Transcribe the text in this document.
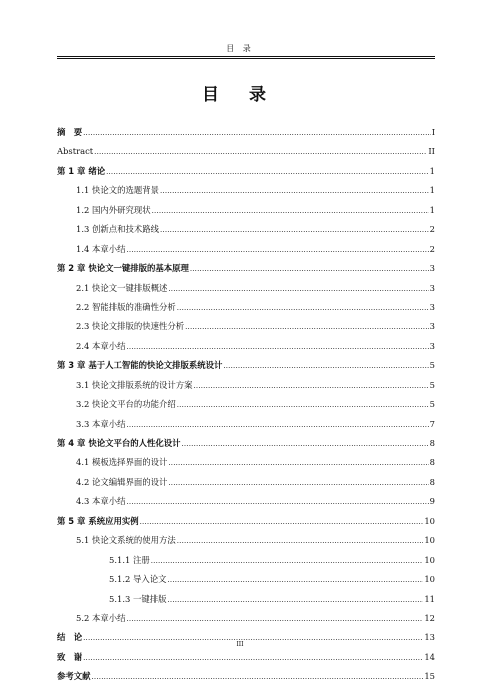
目 录
目 录
摘　要 .....	I
Abstract .....	II
第 1 章 绪论 .....	1
1.1 快论文的选题背景 .....	1
1.2 国内外研究现状 .....	1
1.3 创新点和技术路线 .....	2
1.4 本章小结 .....	2
第 2 章 快论文一键排版的基本原理 .....	3
2.1 快论文一键排版概述 .....	3
2.2 智能排版的准确性分析 .....	3
2.3 快论文排版的快速性分析 .....	3
2.4 本章小结 .....	3
第 3 章 基于人工智能的快论文排版系统设计 .....	5
3.1 快论文排版系统的设计方案 .....	5
3.2 快论文平台的功能介绍 .....	5
3.3 本章小结 .....	7
第 4 章 快论文平台的人性化设计 .....	8
4.1 模板选择界面的设计 .....	8
4.2 论文编辑界面的设计 .....	8
4.3 本章小结 .....	9
第 5 章 系统应用实例 .....	10
5.1 快论文系统的使用方法 .....	10
5.1.1 注册 .....	10
5.1.2 导入论文 .....	10
5.1.3 一键排版 .....	11
5.2 本章小结 .....	12
结　论 .....	13
致　谢 .....	14
参考文献 .....	15
III
